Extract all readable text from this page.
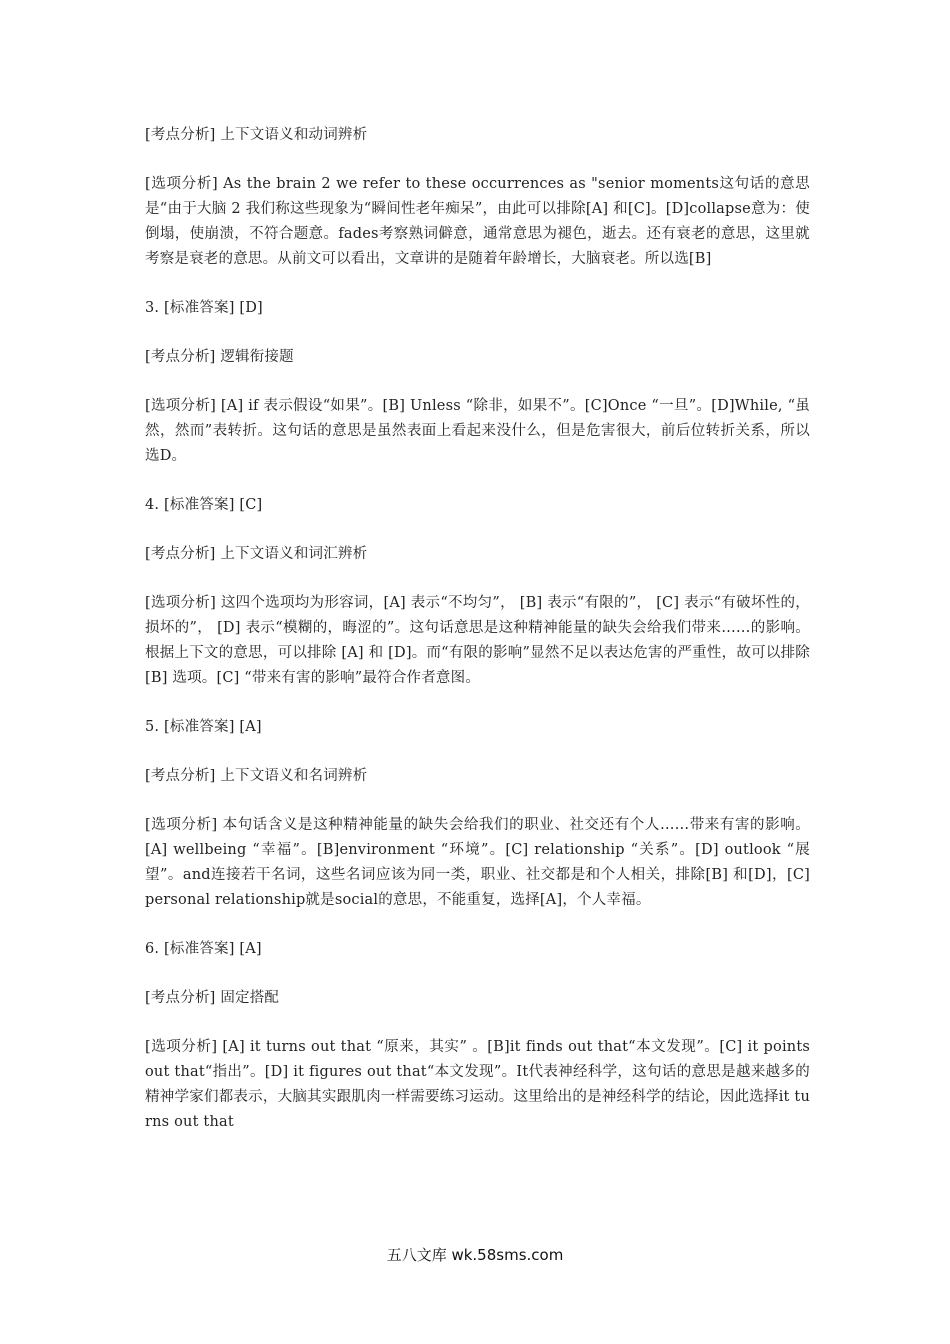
[考点分析] 上下文语义和动词辨析

[选项分析] As the brain 2 we refer to these occurrences as "senior moments这句话的意思是“由于大脑 2 我们称这些现象为“瞬间性老年痴呆”，由此可以排除[A] 和[C]。[D]collapse意为：使倒塌，使崩溃，不符合题意。fades考察熟词僻意，通常意思为褪色，逝去。还有衰老的意思，这里就考察是衰老的意思。从前文可以看出，文章讲的是随着年龄增长，大脑衰老。所以选[B]

3. [标准答案] [D]

[考点分析] 逻辑衔接题

[选项分析] [A] if 表示假设“如果”。[B] Unless “除非，如果不”。[C]Once “一旦”。[D]While, “虽然，然而”表转折。这句话的意思是虽然表面上看起来没什么，但是危害很大，前后位转折关系，所以选D。

4. [标准答案] [C]

[考点分析] 上下文语义和词汇辨析

[选项分析] 这四个选项均为形容词，[A] 表示“不均匀”， [B] 表示“有限的”， [C] 表示“有破坏性的，损坏的”， [D] 表示“模糊的，晦涩的”。这句话意思是这种精神能量的缺失会给我们带来……的影响。根据上下文的意思，可以排除 [A] 和 [D]。而“有限的影响”显然不足以表达危害的严重性，故可以排除[B] 选项。[C] “带来有害的影响”最符合作者意图。

5. [标准答案] [A]

[考点分析] 上下文语义和名词辨析

[选项分析] 本句话含义是这种精神能量的缺失会给我们的职业、社交还有个人……带来有害的影响。[A] wellbeing “幸福”。[B]environment “环境”。[C] relationship “关系”。[D] outlook “展望”。and连接若干名词，这些名词应该为同一类，职业、社交都是和个人相关，排除[B] 和[D]，[C] personal relationship就是social的意思，不能重复，选择[A]，个人幸福。

6. [标准答案] [A]

[考点分析] 固定搭配

[选项分析] [A] it turns out that “原来，其实” 。[B]it finds out that“本文发现”。[C] it points out that“指出”。[D] it figures out that“本文发现”。It代表神经科学，这句话的意思是越来越多的精神学家们都表示，大脑其实跟肌肉一样需要练习运动。这里给出的是神经科学的结论，因此选择it turns out that

五八文库 wk.58sms.com
